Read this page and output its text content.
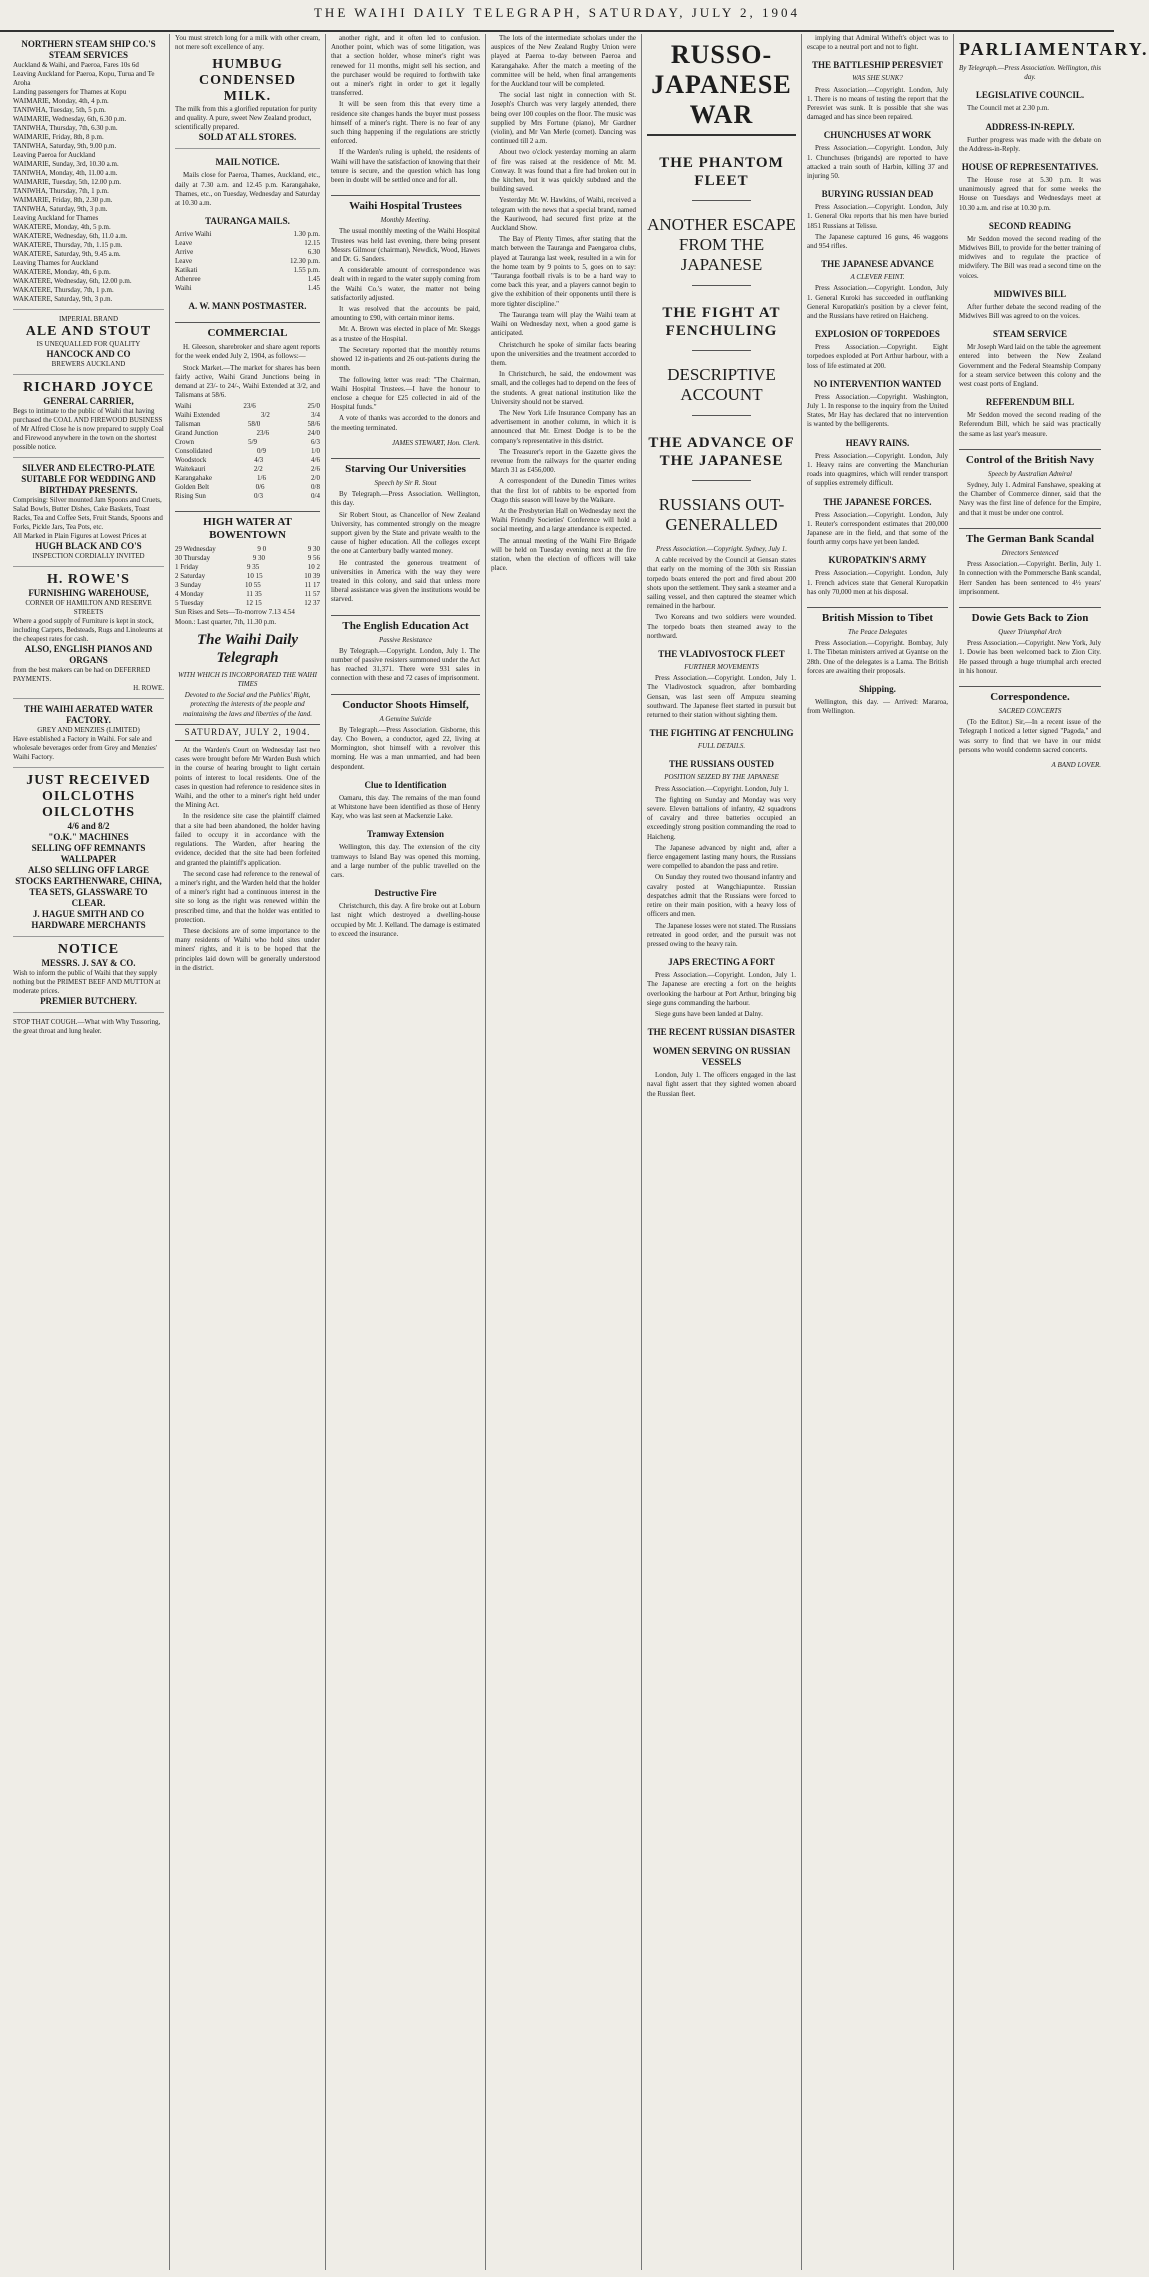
THE WAIHI DAILY TELEGRAPH, SATURDAY, JULY 2, 1904
NORTHERN STEAM SHIP CO.'S STEAM SERVICES
Auckland & Waihi, and Paeroa, Fares 10s 6d
Leaving Auckland for Paeroa, Kopu, Turua and Te Aroha
Landing passengers for Thames at Kopu
WAIMARIE, Monday, 4th, 4 p.m.
TANIWHA, Tuesday, 5th, 5 p.m.
WAIMARIE, Wednesday, 6th, 6.30 p.m.
TANIWHA, Thursday, 7th, 6.30 p.m.
WAIMARIE, Friday, 8th, 8 p.m.
TANIWHA, Saturday, 9th, 9.00 p.m.
Leaving Paeroa for Auckland
WAIMARIE, Sunday, 3rd, 10.30 a.m.
TANIWHA, Monday, 4th, 11.00 a.m.
WAIMARIE, Tuesday, 5th, 12.00 p.m.
TANIWHA, Thursday, 7th, 1 p.m.
WAIMARIE, Friday, 8th, 2.30 p.m.
TANIWHA, Saturday, 9th, 3 p.m.
Leaving Auckland for Thames
WAKATERE, Monday, 4th, 5 p.m.
WAKATERE, Wednesday, 6th, 11.0 a.m.
WAKATERE, Thursday, 7th, 1.15 p.m.
WAKATERE, Saturday, 9th, 9.45 a.m.
Leaving Thames for Auckland
WAKATERE, Monday, 4th, 6 p.m.
WAKATERE, Wednesday, 6th, 12.00 p.m.
WAKATERE, Thursday, 7th, 1 p.m.
WAKATERE, Saturday, 9th, 3 p.m.
IMPERIAL BRAND
ALE AND STOUT
IS UNEQUALLED FOR QUALITY
HANCOCK AND CO
BREWERS AUCKLAND
RICHARD JOYCE
GENERAL CARRIER,
Begs to intimate to the public of Waihi that having purchased the COAL AND FIREWOOD BUSINESS of Mr Alfred Close he is now prepared to supply Coal and Firewood anywhere in the town on the shortest possible notice.
SILVER AND ELECTRO-PLATE SUITABLE FOR WEDDING AND BIRTHDAY PRESENTS.
Comprising: Silver mounted Jam Spoons and Cruets, Salad Bowls, Butter Dishes, Cake Baskets, Toast Racks, Tea and Coffee Sets, Fruit Stands, Spoons and Forks, Pickle Jars, Tea Pots, etc.
All Marked in Plain Figures at Lowest Prices at
HUGH BLACK AND CO'S
INSPECTION CORDIALLY INVITED
H. ROWE'S
FURNISHING WAREHOUSE,
CORNER OF HAMILTON AND RESERVE STREETS
Where a good supply of Furniture is kept in stock, including Carpets, Bedsteads, Rugs and Linoleums at the cheapest rates for cash.
ALSO, ENGLISH PIANOS AND ORGANS
from the best makers can be had on DEFERRED PAYMENTS.
H. ROWE.
THE WAIHI AERATED WATER FACTORY.
GREY AND MENZIES (LIMITED)
Have established a Factory in Waihi. For sale and wholesale beverages order from Grey and Menzies' Waihi Factory.
JUST RECEIVED
OILCLOTHS OILCLOTHS
4/6 and 8/2
"O.K." MACHINES
SELLING OFF REMNANTS WALLPAPER
ALSO SELLING OFF LARGE STOCKS EARTHENWARE, CHINA, TEA SETS, GLASSWARE TO CLEAR.
J. HAGUE SMITH AND CO HARDWARE MERCHANTS
NOTICE
MESSRS. J. SAY & CO.
Wish to inform the public of Waihi that they supply nothing but the PRIMEST BEEF AND MUTTON at moderate prices.
PREMIER BUTCHERY.
STOP THAT COUGH.—What with Why Tussoring, the great throat and lung healer.
You must stretch long for a milk with other cream, not mere soft excellence of any.
HUMBUG CONDENSED MILK.
The milk from this a glorified reputation for purity and quality. A pure, sweet New Zealand product, scientifically prepared.
SOLD AT ALL STORES.
MAIL NOTICE.

Mails close for Paeroa, Thames, Auckland, etc., daily at 7.30 a.m. and 12.45 p.m. Karangahake, Thames, etc., on Tuesday, Wednesday and Saturday at 10.30 a.m.

TAURANGA MAILS.
Arrive Waihi	1.30 p.m.
Leave	12.15
Arrive	6.30
Leave	12.30 p.m.
Katikati	1.55 p.m.
Athenree	1.45
Waihi	1.45
A. W. MANN POSTMASTER.
COMMERCIAL

H. Gleeson, sharebroker and share agent reports for the week ended July 2, 1904, as follows:—

Stock Market.—The market for shares has been fairly active, Waihi Grand Junctions being in demand at 23/- to 24/-, Waihi Extended at 3/2, and Talismans at 58/6.

Waihi	23/6	25/0
Waihi Extended	3/2	3/4
Talisman	58/0	58/6
Grand Junction	23/6	24/0
Crown	5/9	6/3
Consolidated	0/9	1/0
Woodstock	4/3	4/6
Waitekauri	2/2	2/6
Karangahake	1/6	2/0
Golden Belt	0/6	0/8
Rising Sun	0/3	0/4
HIGH WATER AT BOWENTOWN
29 Wednesday	9 0	9 30
30 Thursday	9 30	9 56
1 Friday	9 35	10 2
2 Saturday	10 15	10 39
3 Sunday	10 55	11 17
4 Monday	11 35	11 57
5 Tuesday	12 15	12 37
Sun Rises and Sets—To-morrow 7.13 4.54
Moon.: Last quarter, 7th, 11.30 p.m.
The Waihi Daily Telegraph
WITH WHICH IS INCORPORATED THE WAIHI TIMES
Devoted to the Social and the Publics' Right, protecting the interests of the people and maintaining the laws and liberties of the land.
SATURDAY, JULY 2, 1904.

At the Warden's Court on Wednesday last two cases were brought before Mr Warden Bush which in the course of hearing brought to light certain points of interest to local residents. One of the cases in question had reference to residence sites in Waihi, and the other to a miner's right held under the Mining Act.

In the residence site case the plaintiff claimed that a site had been abandoned, the holder having failed to occupy it in accordance with the regulations. The Warden, after hearing the evidence, decided that the site had been forfeited and granted the plaintiff's application.

The second case had reference to the renewal of a miner's right, and the Warden held that the holder of a miner's right had a continuous interest in the site so long as the right was renewed within the prescribed time, and that the holder was entitled to protection.

These decisions are of some importance to the many residents of Waihi who hold sites under miners' rights, and it is to be hoped that the principles laid down will be generally understood in the district.

another right, and it often led to confusion. Another point, which was of some litigation, was that a section holder, whose miner's right was renewed for 11 months, might sell his section, and the purchaser would be required to forthwith take out a miner's right in order to get it legally transferred.

It will be seen from this that every time a residence site changes hands the buyer must possess himself of a miner's right. There is no fear of any such thing happening if the regulations are strictly enforced.

If the Warden's ruling is upheld, the residents of Waihi will have the satisfaction of knowing that their tenure is secure, and the question which has long been in doubt will be settled once and for all.

Waihi Hospital Trustees
Monthly Meeting.

The usual monthly meeting of the Waihi Hospital Trustees was held last evening, there being present Messrs Gilmour (chairman), Newdick, Wood, Hawes and Dr. G. Sanders.

A considerable amount of correspondence was dealt with in regard to the water supply coming from the Waihi Co.'s water, the matter not being satisfactorily adjusted.

It was resolved that the accounts be paid, amounting to £90, with certain minor items.

Mr. A. Brown was elected in place of Mr. Skeggs as a trustee of the Hospital.

The Secretary reported that the monthly returns showed 12 in-patients and 26 out-patients during the month.

The following letter was read: "The Chairman, Waihi Hospital Trustees.—I have the honour to enclose a cheque for £25 collected in aid of the Hospital funds."

A vote of thanks was accorded to the donors and the meeting terminated.

JAMES STEWART, Hon. Clerk.
Starving Our Universities
Speech by Sir R. Stout

By Telegraph.—Press Association. Wellington, this day.

Sir Robert Stout, as Chancellor of New Zealand University, has commented strongly on the meagre support given by the State and private wealth to the cause of higher education. All the colleges except the one at Canterbury badly wanted money.

He contrasted the generous treatment of universities in America with the way they were treated in this colony, and said that unless more liberal assistance was given the institutions would be starved.

The English Education Act
Passive Resistance

By Telegraph.—Copyright. London, July 1. The number of passive resisters summoned under the Act has reached 31,371. There were 931 sales in connection with these and 72 cases of imprisonment.

Conductor Shoots Himself,
A Genuine Suicide

By Telegraph.—Press Association. Gisborne, this day. Cho Bowen, a conductor, aged 22, living at Mormington, shot himself with a revolver this morning. He was a man unmarried, and had been despondent.

Clue to Identification

Oamaru, this day. The remains of the man found at Whitstone have been identified as those of Henry Kay, who was last seen at Mackenzie Lake.

Tramway Extension

Wellington, this day. The extension of the city tramways to Island Bay was opened this morning, and a large number of the public travelled on the cars.

Destructive Fire

Christchurch, this day. A fire broke out at Loburn last night which destroyed a dwelling-house occupied by Mr. J. Kelland. The damage is estimated to exceed the insurance.

The lots of the intermediate scholars under the auspices of the New Zealand Rugby Union were played at Paeroa to-day between Paeroa and Karangahake. After the match a meeting of the committee will be held, when final arrangements for the Auckland tour will be completed.

The social last night in connection with St. Joseph's Church was very largely attended, there being over 100 couples on the floor. The music was supplied by Mrs Fortune (piano), Mr Gardner (violin), and Mr Van Merle (cornet). Dancing was continued till 2 a.m.

About two o'clock yesterday morning an alarm of fire was raised at the residence of Mr. M. Conway. It was found that a fire had broken out in the kitchen, but it was quickly subdued and the building saved.

Yesterday Mr. W. Hawkins, of Waihi, received a telegram with the news that a special brand, named the Kauriwood, had secured first prize at the Auckland Show.

The Bay of Plenty Times, after stating that the match between the Tauranga and Paengaroa clubs, played at Tauranga last week, resulted in a win for the home team by 9 points to 5, goes on to say: "Tauranga football rivals is to be a hard way to come back this year, and a players cannot begin to give the exhibition of their opponents until there is more tighter discipline."

The Tauranga team will play the Waihi team at Waihi on Wednesday next, when a good game is anticipated.

Christchurch he spoke of similar facts bearing upon the universities and the treatment accorded to them.

In Christchurch, he said, the endowment was small, and the colleges had to depend on the fees of the students. A great national institution like the University should not be starved.

The New York Life Insurance Company has an advertisement in another column, in which it is announced that Mr. Ernest Dodge is to be the company's representative in this district.

The Treasurer's report in the Gazette gives the revenue from the railways for the quarter ending March 31 as £456,000.

A correspondent of the Dunedin Times writes that the first lot of rabbits to be exported from Otago this season will leave by the Waikare.

At the Presbyterian Hall on Wednesday next the Waihi Friendly Societies' Conference will hold a social meeting, and a large attendance is expected.

The annual meeting of the Waihi Fire Brigade will be held on Tuesday evening next at the fire station, when the election of officers will take place.

RUSSO-JAPANESE WAR
THE PHANTOM FLEET
ANOTHER ESCAPE FROM THE JAPANESE
THE FIGHT AT FENCHULING
DESCRIPTIVE ACCOUNT
THE ADVANCE OF THE JAPANESE
RUSSIANS OUT-GENERALLED
Press Association.—Copyright. Sydney, July 1.

A cable received by the Council at Gensan states that early on the morning of the 30th six Russian torpedo boats entered the port and fired about 200 shots upon the settlement. They sank a steamer and a sailing vessel, and then captured the steamer which remained in the harbour.

Two Koreans and two soldiers were wounded. The torpedo boats then steamed away to the northward.

THE VLADIVOSTOCK FLEET
FURTHER MOVEMENTS

Press Association.—Copyright. London, July 1. The Vladivostock squadron, after bombarding Gensan, was last seen off Ampuzu steaming southward. The Japanese fleet started in pursuit but returned to their station without sighting them.

THE FIGHTING AT FENCHULING
FULL DETAILS.
THE RUSSIANS OUSTED
POSITION SEIZED BY THE JAPANESE

Press Association.—Copyright. London, July 1.

The fighting on Sunday and Monday was very severe. Eleven battalions of infantry, 42 squadrons of cavalry and three batteries occupied an exceedingly strong position commanding the road to Haicheng.

The Japanese advanced by night and, after a fierce engagement lasting many hours, the Russians were compelled to abandon the pass and retire.

On Sunday they routed two thousand infantry and cavalry posted at Wangchiapuntze. Russian despatches admit that the Russians were forced to retire on their main position, with a heavy loss of officers and men.

The Japanese losses were not stated. The Russians retreated in good order, and the pursuit was not pressed owing to the heavy rain.

JAPS ERECTING A FORT

Press Association.—Copyright. London, July 1. The Japanese are erecting a fort on the heights overlooking the harbour at Port Arthur, bringing big siege guns commanding the harbour.

Siege guns have been landed at Dalny.

THE RECENT RUSSIAN DISASTER
WOMEN SERVING ON RUSSIAN VESSELS

London, July 1. The officers engaged in the last naval fight assert that they sighted women aboard the Russian fleet.

implying that Admiral Witheft's object was to escape to a neutral port and not to fight.

THE BATTLESHIP PERESVIET
WAS SHE SUNK?

Press Association.—Copyright. London, July 1. There is no means of testing the report that the Peresviet was sunk. It is possible that she was damaged and has since been repaired.

CHUNCHUSES AT WORK

Press Association.—Copyright. London, July 1. Chunchuses (brigands) are reported to have attacked a train south of Harbin, killing 37 and injuring 50.

BURYING RUSSIAN DEAD

Press Association.—Copyright. London, July 1. General Oku reports that his men have buried 1851 Russians at Telissu.

The Japanese captured 16 guns, 46 waggons and 954 rifles.

THE JAPANESE ADVANCE
A CLEVER FEINT.

Press Association.—Copyright. London, July 1. General Kuroki has succeeded in outflanking General Kuropatkin's position by a clever feint, and the Russians have retired on Haicheng.

EXPLOSION OF TORPEDOES

Press Association.—Copyright. Eight torpedoes exploded at Port Arthur harbour, with a loss of life estimated at 200.

NO INTERVENTION WANTED

Press Association.—Copyright. Washington, July 1. In response to the inquiry from the United States, Mr Hay has declared that no intervention is wanted by the belligerents.

HEAVY RAINS.

Press Association.—Copyright. London, July 1. Heavy rains are converting the Manchurian roads into quagmires, which will render transport of supplies extremely difficult.

THE JAPANESE FORCES.

Press Association.—Copyright. London, July 1. Reuter's correspondent estimates that 200,000 Japanese are in the field, and that some of the fourth army corps have yet been landed.

KUROPATKIN'S ARMY

Press Association.—Copyright. London, July 1. French advices state that General Kuropatkin has only 70,000 men at his disposal.

British Mission to Tibet
The Peace Delegates

Press Association.—Copyright. Bombay, July 1. The Tibetan ministers arrived at Gyantse on the 28th. One of the delegates is a Lama. The British forces are awaiting their proposals.

Shipping.

Wellington, this day. — Arrived: Mararoa, from Wellington.

PARLIAMENTARY.
By Telegraph.—Press Association. Wellington, this day.
LEGISLATIVE COUNCIL.

The Council met at 2.30 p.m.

ADDRESS-IN-REPLY.

Further progress was made with the debate on the Address-in-Reply.

HOUSE OF REPRESENTATIVES.

The House rose at 5.30 p.m. It was unanimously agreed that for some weeks the House on Tuesdays and Wednesdays meet at 10.30 a.m. and rise at 10.30 p.m.

SECOND READING

Mr Seddon moved the second reading of the Midwives Bill, to provide for the better training of midwives and to regulate the practice of midwifery. The Bill was read a second time on the voices.

MIDWIVES BILL

After further debate the second reading of the Midwives Bill was agreed to on the voices.

STEAM SERVICE

Mr Joseph Ward laid on the table the agreement entered into between the New Zealand Government and the Federal Steamship Company for a steam service between this colony and the west coast ports of England.

REFERENDUM BILL

Mr Seddon moved the second reading of the Referendum Bill, which he said was practically the same as last year's measure.

Control of the British Navy
Speech by Australian Admiral

Sydney, July 1. Admiral Fanshawe, speaking at the Chamber of Commerce dinner, said that the Navy was the first line of defence for the Empire, and that it must be under one control.

The German Bank Scandal
Directors Sentenced

Press Association.—Copyright. Berlin, July 1. In connection with the Pommersche Bank scandal, Herr Sanden has been sentenced to 4½ years' imprisonment.

Dowie Gets Back to Zion
Queer Triumphal Arch

Press Association.—Copyright. New York, July 1. Dowie has been welcomed back to Zion City. He passed through a huge triumphal arch erected in his honour.

Correspondence.
SACRED CONCERTS

(To the Editor.) Sir,—In a recent issue of the Telegraph I noticed a letter signed "Pagoda," and was sorry to find that we have in our midst persons who would condemn sacred concerts.

A BAND LOVER.
